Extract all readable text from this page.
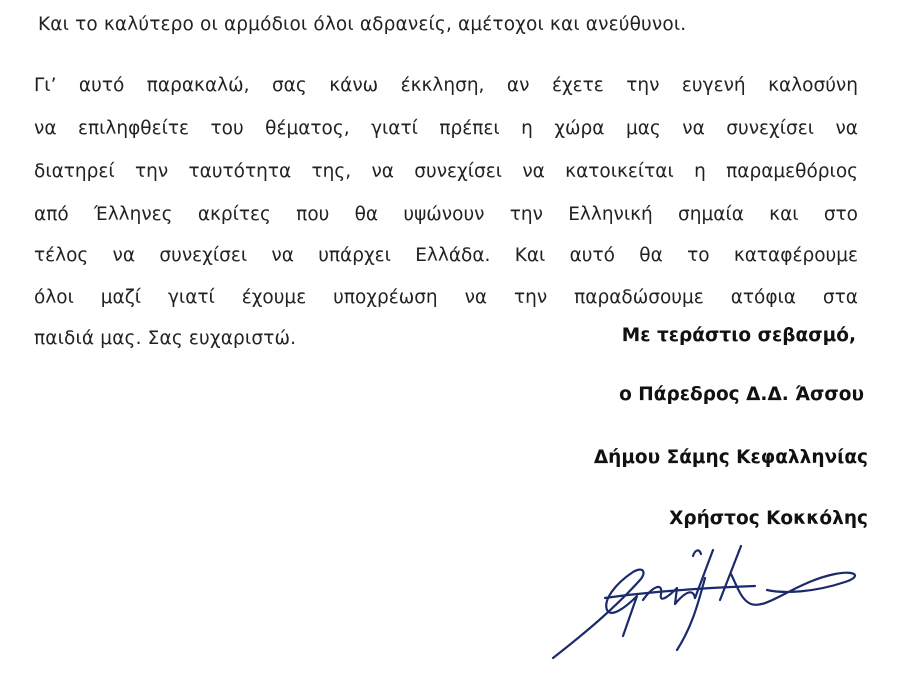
Και το καλύτερο οι αρμόδιοι όλοι αδρανείς, αμέτοχοι και ανεύθυνοι.
Γι’ αυτό παρακαλώ, σας κάνω έκκληση, αν έχετε την ευγενή καλοσύνη
να επιληφθείτε του θέματος, γιατί πρέπει η χώρα μας να συνεχίσει να
διατηρεί την ταυτότητα της, να συνεχίσει να κατοικείται η παραμεθόριος
από Έλληνες ακρίτες που θα υψώνουν την Ελληνική σημαία και στο
τέλος να συνεχίσει να υπάρχει Ελλάδα. Και αυτό θα το καταφέρουμε
όλοι μαζί γιατί έχουμε υποχρέωση να την παραδώσουμε ατόφια στα
παιδιά μας. Σας ευχαριστώ.	Με τεράστιο σεβασμό,
ο Πάρεδρος Δ.Δ. Άσσου
Δήμου Σάμης Κεφαλληνίας
Χρήστος Κοκκόλης
